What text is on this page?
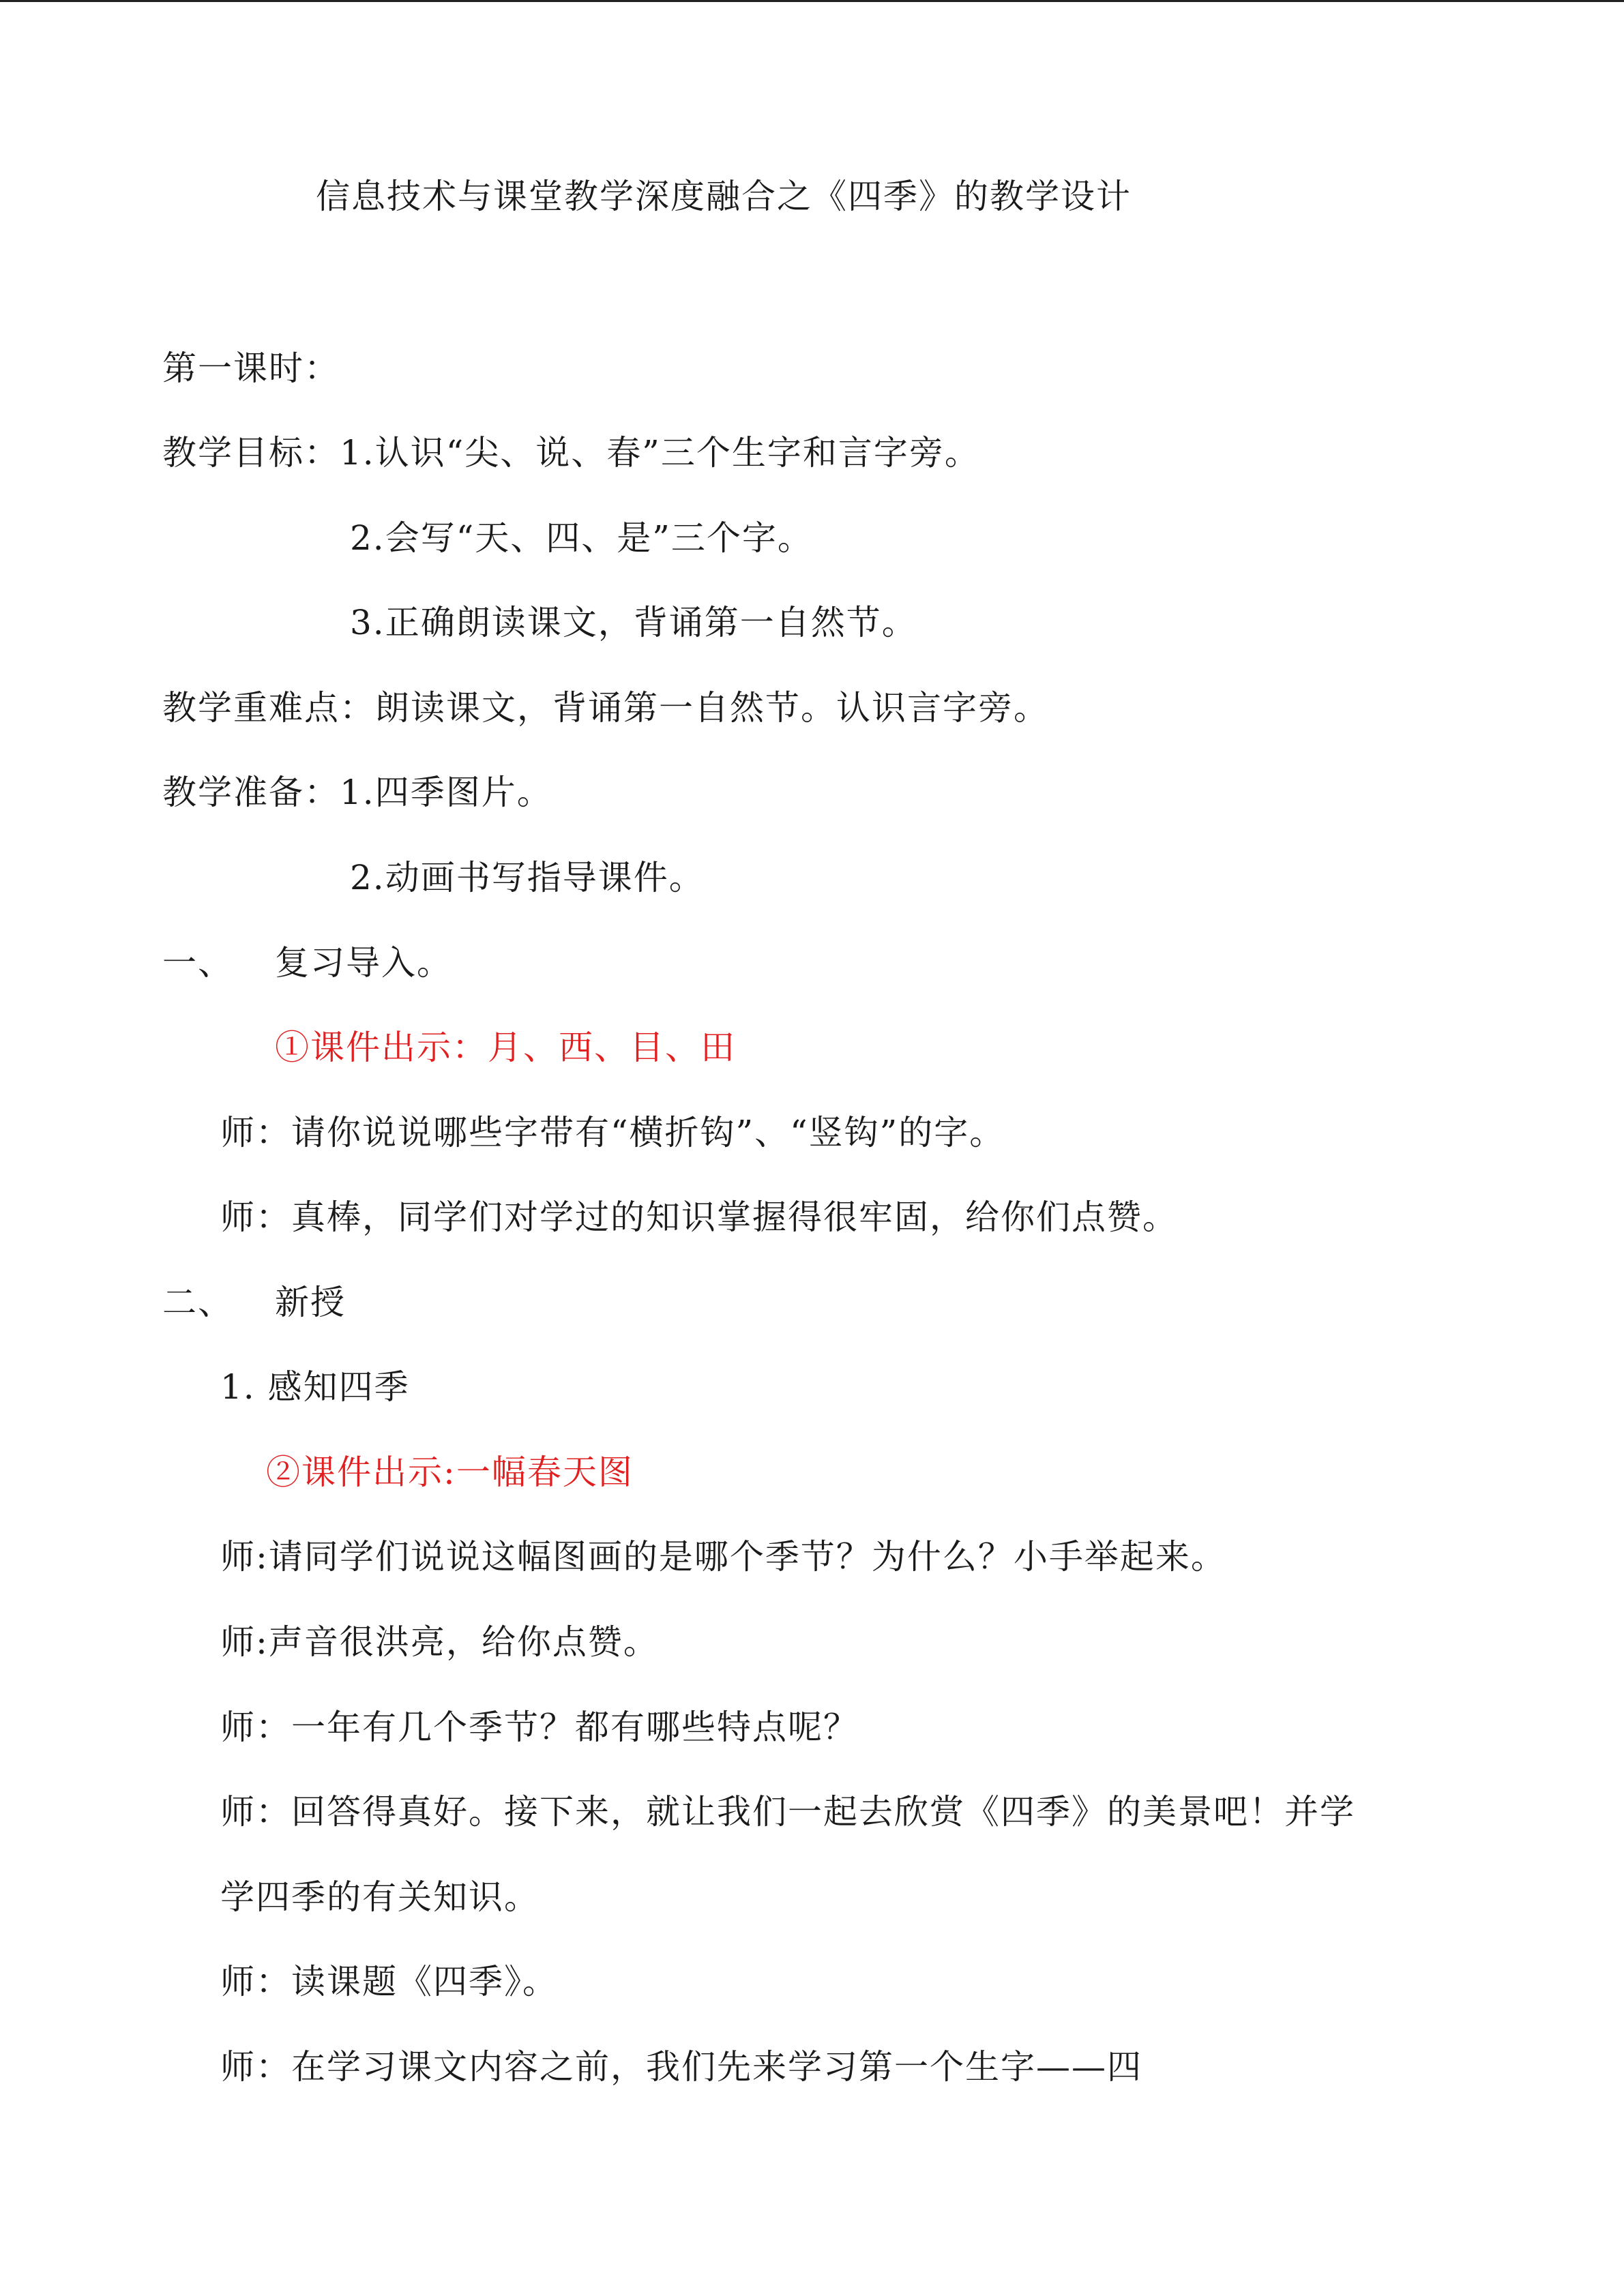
信息技术与课堂教学深度融合之《四季》的教学设计
第一课时：
教学目标：1.认识“尖、说、春”三个生字和言字旁。
2.会写“天、四、是”三个字。
3.正确朗读课文，背诵第一自然节。
教学重难点：朗读课文，背诵第一自然节。认识言字旁。
教学准备：1.四季图片。
2.动画书写指导课件。
一、 复习导入。
①课件出示：月、西、目、田
师：请你说说哪些字带有“横折钩”、“竖钩”的字。
师：真棒，同学们对学过的知识掌握得很牢固，给你们点赞。
二、 新授
1. 感知四季
②课件出示:一幅春天图
师:请同学们说说这幅图画的是哪个季节？为什么？小手举起来。
师:声音很洪亮，给你点赞。
师：一年有几个季节？都有哪些特点呢？
师：回答得真好。接下来，就让我们一起去欣赏《四季》的美景吧！并学
学四季的有关知识。
师：读课题《四季》。
师：在学习课文内容之前，我们先来学习第一个生字——四
